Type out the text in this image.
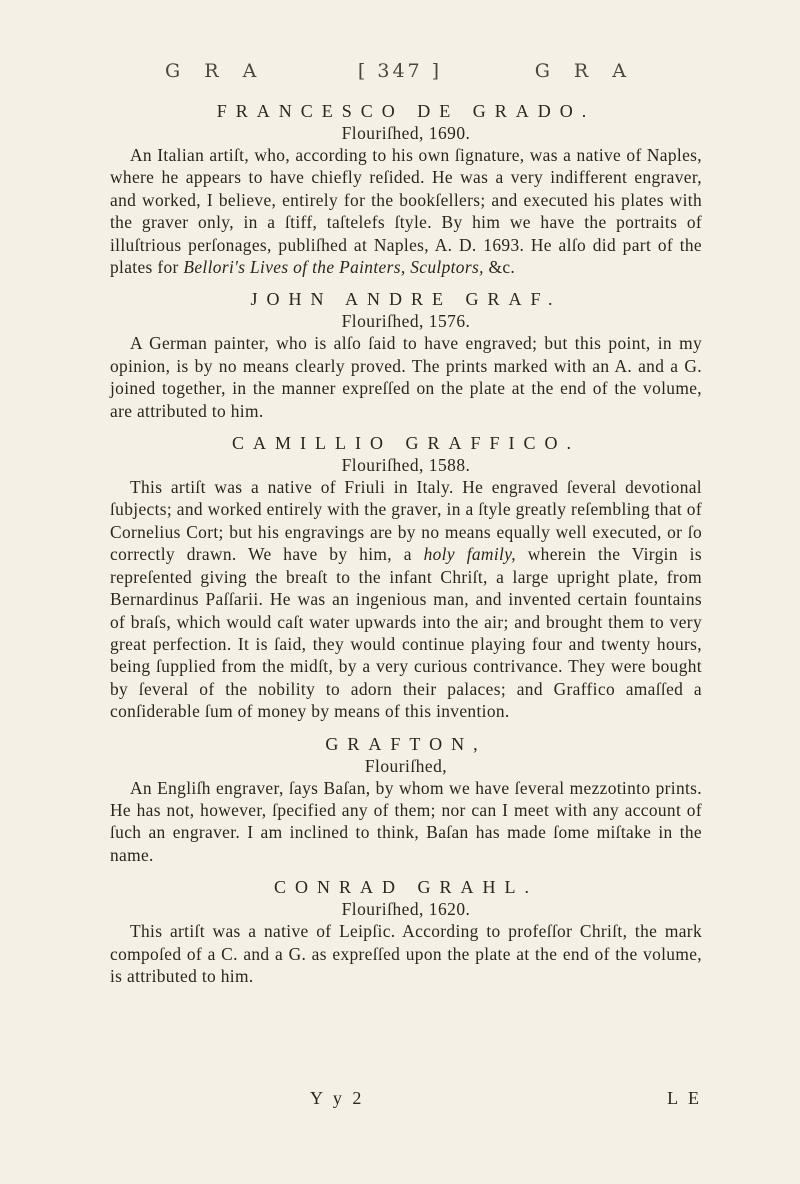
G R A	[ 347 ]	G R A
FRANCESCO DE GRADO.

Flouriſhed, 1690.

An Italian artiſt, who, according to his own ſignature, was a native of Naples, where he appears to have chiefly reſided. He was a very indifferent engraver, and worked, I believe, entirely for the bookſellers; and executed his plates with the graver only, in a ſtiff, taſtelefs ſtyle. By him we have the portraits of illuſtrious perſonages, publiſhed at Naples, A. D. 1693. He alſo did part of the plates for Bellori's Lives of the Painters, Sculptors, &c.

JOHN ANDRE GRAF.

Flouriſhed, 1576.

A German painter, who is alſo ſaid to have engraved; but this point, in my opinion, is by no means clearly proved. The prints marked with an A. and a G. joined together, in the manner expreſſed on the plate at the end of the volume, are attributed to him.

CAMILLIO GRAFFICO.

Flouriſhed, 1588.

This artiſt was a native of Friuli in Italy. He engraved ſeveral devotional ſubjects; and worked entirely with the graver, in a ſtyle greatly reſembling that of Cornelius Cort; but his engravings are by no means equally well executed, or ſo correctly drawn. We have by him, a holy family, wherein the Virgin is repreſented giving the breaſt to the infant Chriſt, a large upright plate, from Bernardinus Paſſarii. He was an ingenious man, and invented certain fountains of braſs, which would caſt water upwards into the air; and brought them to very great perfection. It is ſaid, they would continue playing four and twenty hours, being ſupplied from the midſt, by a very curious contrivance. They were bought by ſeveral of the nobility to adorn their palaces; and Graffico amaſſed a conſiderable ſum of money by means of this invention.

GRAFTON,

Flouriſhed,

An Engliſh engraver, ſays Baſan, by whom we have ſeveral mezzotinto prints. He has not, however, ſpecified any of them; nor can I meet with any account of ſuch an engraver. I am inclined to think, Baſan has made ſome miſtake in the name.

CONRAD GRAHL.

Flouriſhed, 1620.

This artiſt was a native of Leipſic. According to profeſſor Chriſt, the mark compoſed of a C. and a G. as expreſſed upon the plate at the end of the volume, is attributed to him.

Y y 2	L E
